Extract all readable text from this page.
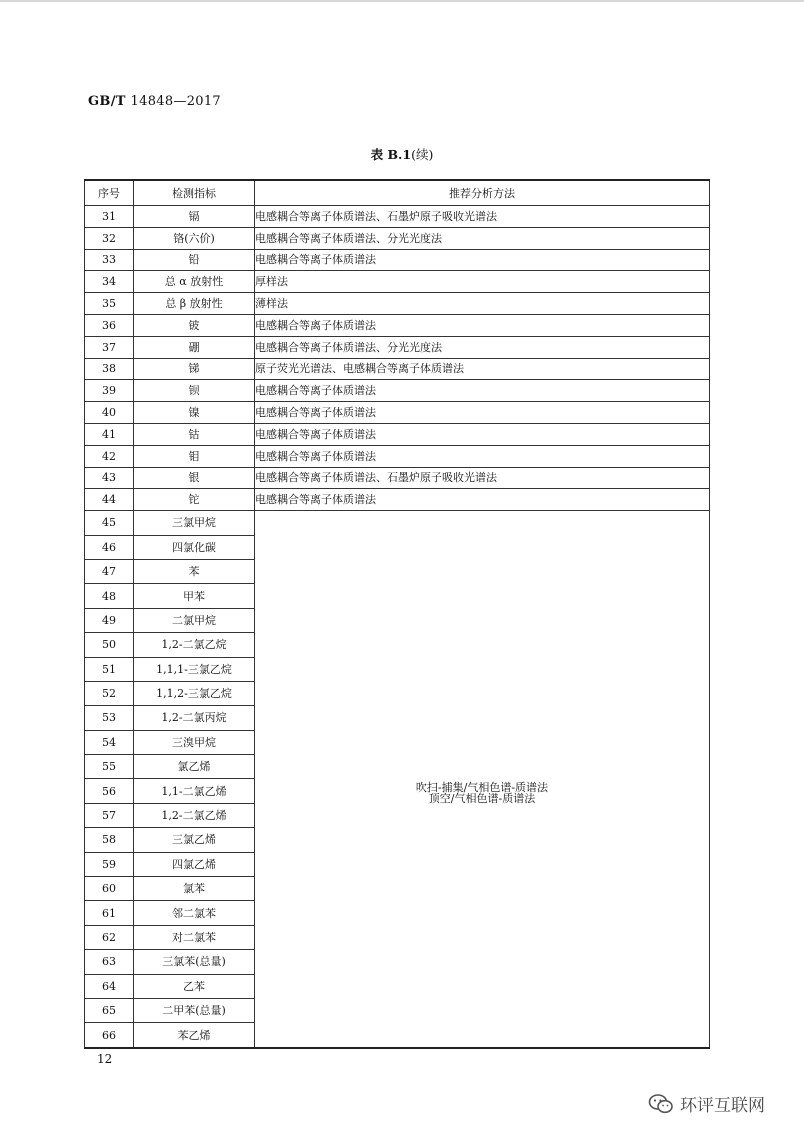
GB/T 14848—2017
表 B.1(续)
序号	检测指标	推荐分析方法
31	镉	电感耦合等离子体质谱法、石墨炉原子吸收光谱法
32	铬(六价)	电感耦合等离子体质谱法、分光光度法
33	铅	电感耦合等离子体质谱法
34	总 α 放射性	厚样法
35	总 β 放射性	薄样法
36	铍	电感耦合等离子体质谱法
37	硼	电感耦合等离子体质谱法、分光光度法
38	锑	原子荧光光谱法、电感耦合等离子体质谱法
39	钡	电感耦合等离子体质谱法
40	镍	电感耦合等离子体质谱法
41	钴	电感耦合等离子体质谱法
42	钼	电感耦合等离子体质谱法
43	银	电感耦合等离子体质谱法、石墨炉原子吸收光谱法
44	铊	电感耦合等离子体质谱法
45	三氯甲烷	吹扫-捕集/气相色谱-质谱法
顶空/气相色谱-质谱法

46	四氯化碳	
47	苯	
48	甲苯	
49	二氯甲烷	
50	1,2-二氯乙烷	
51	1,1,1-三氯乙烷	
52	1,1,2-三氯乙烷	
53	1,2-二氯丙烷	
54	三溴甲烷	
55	氯乙烯	
56	1,1-二氯乙烯	
57	1,2-二氯乙烯	
58	三氯乙烯	
59	四氯乙烯	
60	氯苯	
61	邻二氯苯	
62	对二氯苯	
63	三氯苯(总量)	
64	乙苯	
65	二甲苯(总量)	
66	苯乙烯	
12
环评互联网
